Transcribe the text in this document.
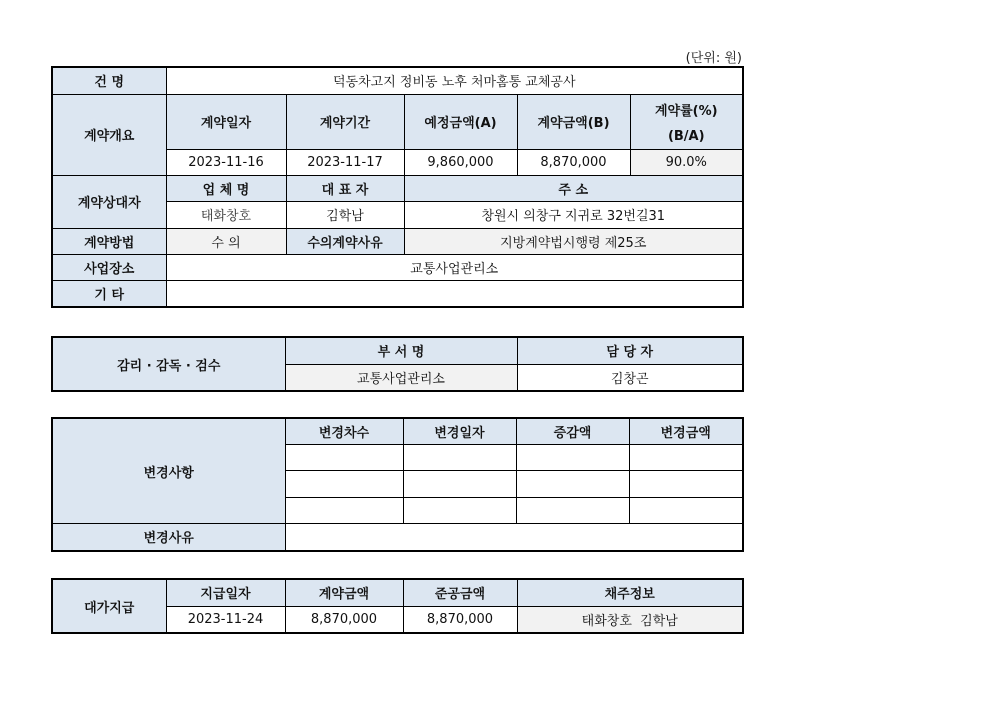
(단위: 원)
건 명	덕동차고지 정비동 노후 처마홈통 교체공사				
계약개요	계약일자	계약기간	예정금액(A)	계약금액(B)	계약률(%)
(B/A)

	2023-11-16	2023-11-17	9,860,000	8,870,000	90.0%
계약상대자	업 체 명	대 표 자	주 소		
	태화창호	김학남	창원시 의창구 지귀로 32번길31		
계약방법	수 의	수의계약사유	지방계약법시행령 제25조		
사업장소	교통사업관리소				
기 타					
감리 · 감독 · 검수	부 서 명	담 당 자
	교통사업관리소	김창곤
변경사항	변경차수	변경일자	증감액	변경금액

변경사유				
대가지급	지급일자	계약금액	준공금액	채주정보
	2023-11-24	8,870,000	8,870,000	태화창호  김학남
